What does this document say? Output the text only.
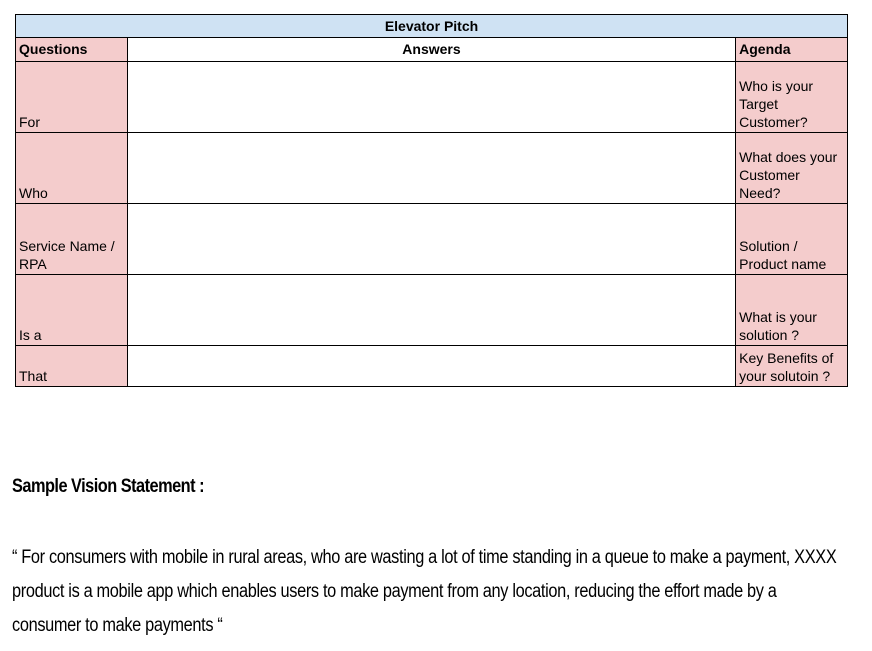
Elevator Pitch		
Questions	Answers	Agenda
For		Who is your Target Customer?
Who		What does your Customer Need?
Service Name / RPA		Solution / Product name
Is a		What is your solution ?
That		Key Benefits of your solutoin ?
Sample Vision Statement :

“ For consumers with mobile in rural areas, who are wasting a lot of time standing in a queue to make a payment, XXXX product is a mobile app which enables users to make payment from any location, reducing the effort made by a consumer to make payments “
